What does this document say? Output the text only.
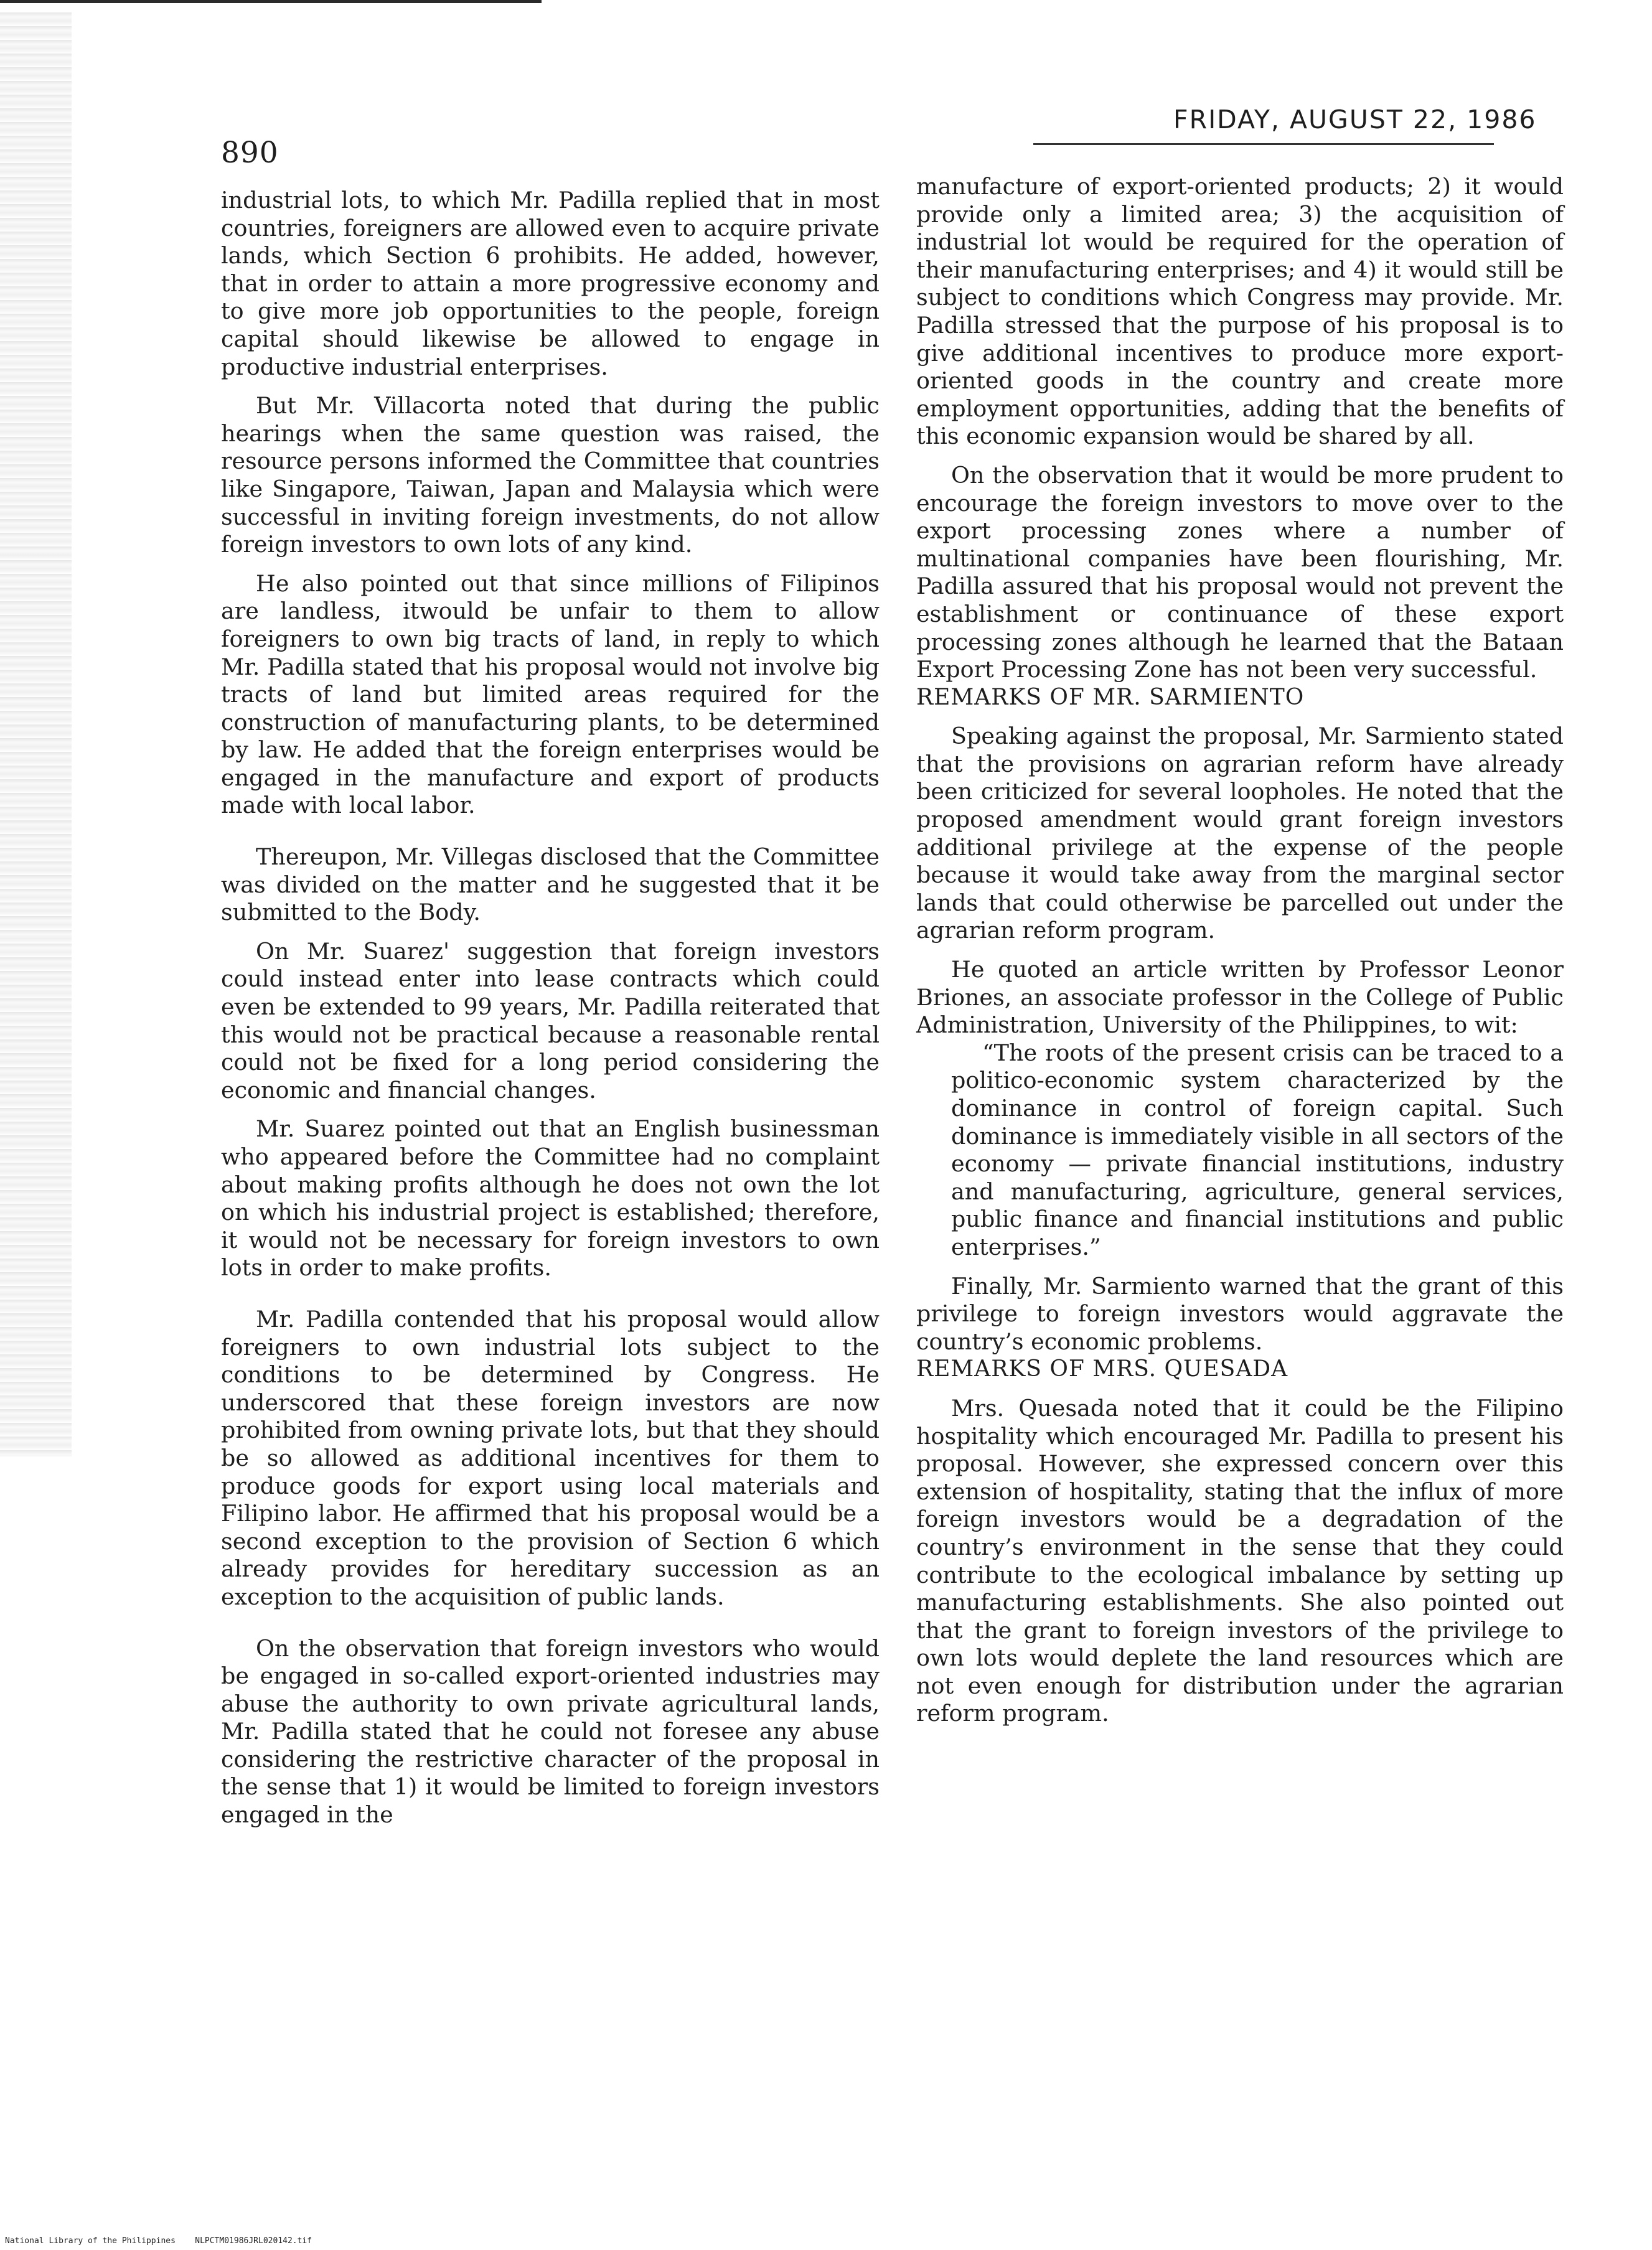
890
FRIDAY, AUGUST 22, 1986

industrial lots, to which Mr. Padilla replied that in most countries, foreigners are allowed even to acquire private lands, which Section 6 prohibits. He added, however, that in order to attain a more progressive economy and to give more job opportunities to the people, foreign capital should likewise be allowed to engage in productive industrial enterprises.

But Mr. Villacorta noted that during the public hearings when the same question was raised, the resource persons informed the Committee that countries like Singapore, Taiwan, Japan and Malaysia which were successful in inviting foreign investments, do not allow foreign investors to own lots of any kind.

He also pointed out that since millions of Filipinos are landless, itwould be unfair to them to allow foreigners to own big tracts of land, in reply to which Mr. Padilla stated that his proposal would not involve big tracts of land but limited areas required for the construction of manufacturing plants, to be determined by law. He added that the foreign enterprises would be engaged in the manufacture and export of products made with local labor.

Thereupon, Mr. Villegas disclosed that the Committee was divided on the matter and he suggested that it be submitted to the Body.

On Mr. Suarez' suggestion that foreign investors could instead enter into lease contracts which could even be extended to 99 years, Mr. Padilla reiterated that this would not be practical because a reasonable rental could not be fixed for a long period considering the economic and financial changes.

Mr. Suarez pointed out that an English businessman who appeared before the Committee had no complaint about making profits although he does not own the lot on which his industrial project is established; therefore, it would not be necessary for foreign investors to own lots in order to make profits.

Mr. Padilla contended that his proposal would allow foreigners to own industrial lots subject to the conditions to be determined by Congress. He underscored that these foreign investors are now prohibited from owning private lots, but that they should be so allowed as additional incentives for them to produce goods for export using local materials and Filipino labor. He affirmed that his proposal would be a second exception to the provision of Section 6 which already provides for hereditary succession as an exception to the acquisition of public lands.

On the observation that foreign investors who would be engaged in so-called export-oriented industries may abuse the authority to own private agricultural lands, Mr. Padilla stated that he could not foresee any abuse considering the restrictive character of the proposal in the sense that 1) it would be limited to foreign investors engaged in the

manufacture of export-oriented products; 2) it would provide only a limited area; 3) the acquisition of industrial lot would be required for the operation of their manufacturing enterprises; and 4) it would still be subject to conditions which Congress may provide. Mr. Padilla stressed that the purpose of his proposal is to give additional incentives to produce more export-oriented goods in the country and create more employment opportunities, adding that the benefits of this economic expansion would be shared by all.

On the observation that it would be more prudent to encourage the foreign investors to move over to the export processing zones where a number of multinational companies have been flourishing, Mr. Padilla assured that his proposal would not prevent the establishment or continuance of these export processing zones although he learned that the Bataan Export Processing Zone has not been very successful.

REMARKS OF MR. SARMIENTO

Speaking against the proposal, Mr. Sarmiento stated that the provisions on agrarian reform have already been criticized for several loopholes. He noted that the proposed amendment would grant foreign investors additional privilege at the expense of the people because it would take away from the marginal sector lands that could otherwise be parcelled out under the agrarian reform program.

He quoted an article written by Professor Leonor Briones, an associate professor in the College of Public Administration, University of the Philippines, to wit:

“The roots of the present crisis can be traced to a politico-economic system characterized by the dominance in control of foreign capital. Such dominance is immediately visible in all sectors of the economy — private financial institutions, industry and manufacturing, agriculture, general services, public finance and financial institutions and public enterprises.”

Finally, Mr. Sarmiento warned that the grant of this privilege to foreign investors would aggravate the country’s economic problems.

REMARKS OF MRS. QUESADA

Mrs. Quesada noted that it could be the Filipino hospitality which encouraged Mr. Padilla to present his proposal. However, she expressed concern over this extension of hospitality, stating that the influx of more foreign investors would be a degradation of the country’s environment in the sense that they could contribute to the ecological imbalance by setting up manufacturing establishments. She also pointed out that the grant to foreign investors of the privilege to own lots would deplete the land resources which are not even enough for distribution under the agrarian reform program.

National Library of the Philippines NLPCTM01986JRL020142.tif
